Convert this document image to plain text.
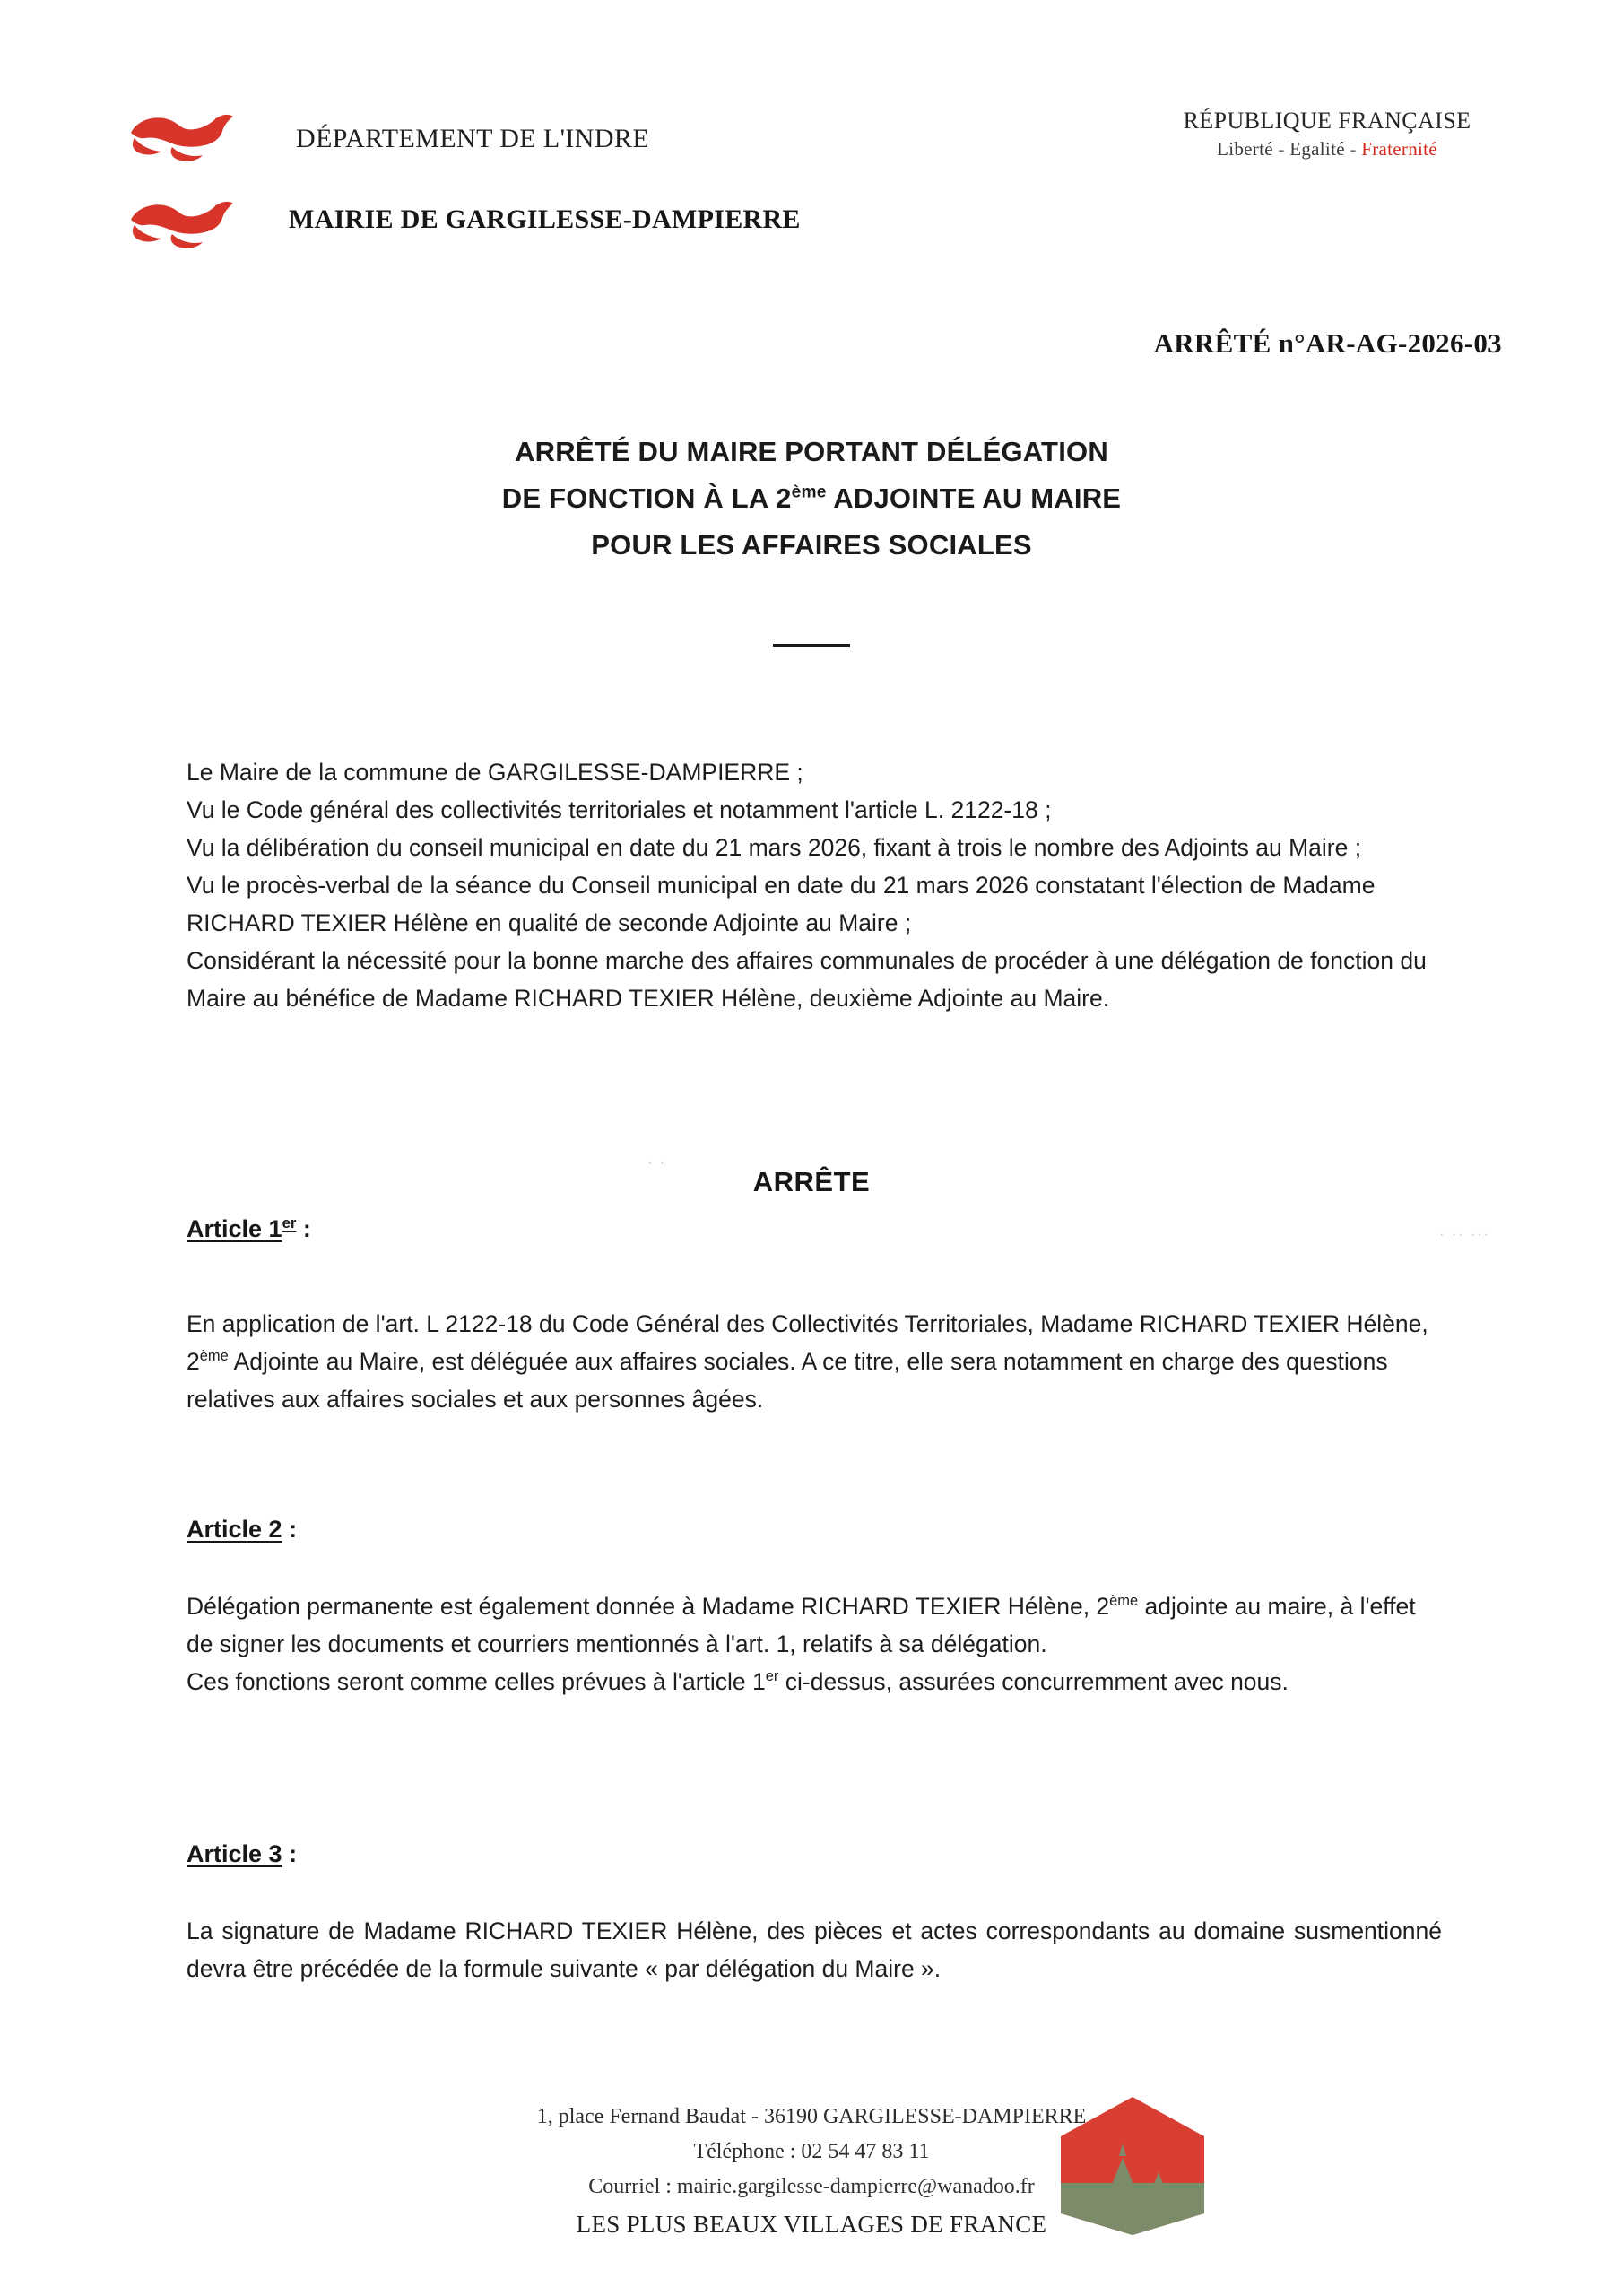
DÉPARTEMENT DE L'INDRE
MAIRIE DE GARGILESSE-DAMPIERRE
RÉPUBLIQUE FRANÇAISE
Liberté - Egalité - Fraternité
ARRÊTÉ n°AR-AG-2026-03
ARRÊTÉ DU MAIRE PORTANT DÉLÉGATION
DE FONCTION À LA 2ème ADJOINTE AU MAIRE
POUR LES AFFAIRES SOCIALES

Le Maire de la commune de GARGILESSE-DAMPIERRE ;

Vu le Code général des collectivités territoriales et notamment l'article L. 2122-18 ;

Vu la délibération du conseil municipal en date du 21 mars 2026, fixant à trois le nombre des Adjoints au Maire ;

Vu le procès-verbal de la séance du Conseil municipal en date du 21 mars 2026 constatant l'élection de Madame RICHARD TEXIER Hélène en qualité de seconde Adjointe au Maire ;

Considérant la nécessité pour la bonne marche des affaires communales de procéder à une délégation de fonction du Maire au bénéfice de Madame RICHARD TEXIER Hélène, deuxième Adjointe au Maire.

· ·
· ·· ···
ARRÊTE
Article 1er :

En application de l'art. L 2122-18 du Code Général des Collectivités Territoriales, Madame RICHARD TEXIER Hélène, 2ème Adjointe au Maire, est déléguée aux affaires sociales. A ce titre, elle sera notamment en charge des questions relatives aux affaires sociales et aux personnes âgées.

Article 2 :

Délégation permanente est également donnée à Madame RICHARD TEXIER Hélène, 2ème adjointe au maire, à l'effet de signer les documents et courriers mentionnés à l'art. 1, relatifs à sa délégation.

Ces fonctions seront comme celles prévues à l'article 1er ci-dessus, assurées concurremment avec nous.

Article 3 :

La signature de Madame RICHARD TEXIER Hélène, des pièces et actes correspondants au domaine susmentionné devra être précédée de la formule suivante « par délégation du Maire ».

1, place Fernand Baudat - 36190 GARGILESSE-DAMPIERRE
Téléphone : 02 54 47 83 11
Courriel : mairie.gargilesse-dampierre@wanadoo.fr
LES PLUS BEAUX VILLAGES DE FRANCE
